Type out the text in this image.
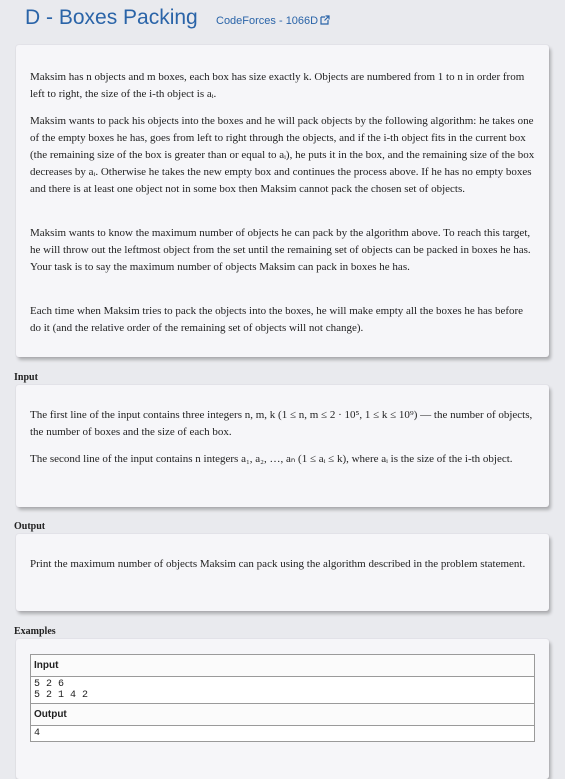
D - Boxes Packing CodeForces - 1066D

Maksim has n objects and m boxes, each box has size exactly k. Objects are numbered from 1 to n in order from left to right, the size of the i-th object is aᵢ.

Maksim wants to pack his objects into the boxes and he will pack objects by the following algorithm: he takes one of the empty boxes he has, goes from left to right through the objects, and if the i-th object fits in the current box (the remaining size of the box is greater than or equal to aᵢ), he puts it in the box, and the remaining size of the box decreases by aᵢ. Otherwise he takes the new empty box and continues the process above. If he has no empty boxes and there is at least one object not in some box then Maksim cannot pack the chosen set of objects.

Maksim wants to know the maximum number of objects he can pack by the algorithm above. To reach this target, he will throw out the leftmost object from the set until the remaining set of objects can be packed in boxes he has. Your task is to say the maximum number of objects Maksim can pack in boxes he has.

Each time when Maksim tries to pack the objects into the boxes, he will make empty all the boxes he has before do it (and the relative order of the remaining set of objects will not change).

Input

The first line of the input contains three integers n, m, k (1 ≤ n, m ≤ 2 · 10⁵, 1 ≤ k ≤ 10⁹) — the number of objects, the number of boxes and the size of each box.

The second line of the input contains n integers a₁, a₂, …, aₙ (1 ≤ aᵢ ≤ k), where aᵢ is the size of the i-th object.

Output

Print the maximum number of objects Maksim can pack using the algorithm described in the problem statement.

Examples
Input
5 2 6
5 2 1 4 2
Output
4
